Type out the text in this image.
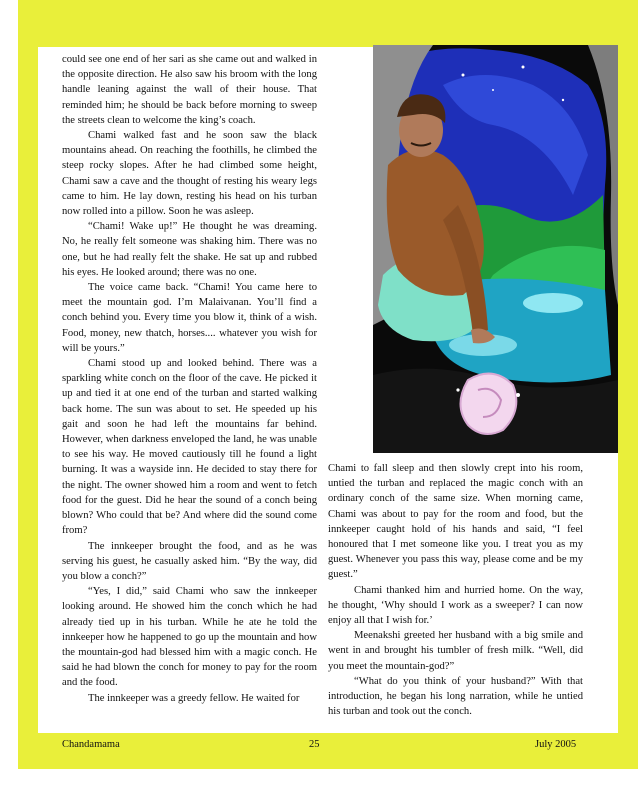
could see one end of her sari as she came out and walked in the opposite direction. He also saw his broom with the long handle leaning against the wall of their house. That reminded him; he should be back before morning to sweep the streets clean to welcome the king’s coach.

Chami walked fast and he soon saw the black mountains ahead. On reaching the foothills, he climbed the steep rocky slopes. After he had climbed some height, Chami saw a cave and the thought of resting his weary legs came to him. He lay down, resting his head on his turban now rolled into a pillow. Soon he was asleep.

“Chami! Wake up!” He thought he was dreaming. No, he really felt someone was shaking him. There was no one, but he had really felt the shake. He sat up and rubbed his eyes. He looked around; there was no one.

The voice came back. “Chami! You came here to meet the mountain god. I’m Malaivanan. You’ll find a conch behind you. Every time you blow it, think of a wish. Food, money, new thatch, horses.... whatever you wish for will be yours.”

Chami stood up and looked behind. There was a sparkling white conch on the floor of the cave. He picked it up and tied it at one end of the turban and started walking back home. The sun was about to set. He speeded up his gait and soon he had left the mountains far behind. However, when darkness enveloped the land, he was unable to see his way. He moved cautiously till he found a light burning. It was a wayside inn. He decided to stay there for the night. The owner showed him a room and went to fetch food for the guest. Did he hear the sound of a conch being blown? Who could that be? And where did the sound come from?

The innkeeper brought the food, and as he was serving his guest, he casually asked him. “By the way, did you blow a conch?”

“Yes, I did,” said Chami who saw the innkeeper looking around. He showed him the conch which he had already tied up in his turban. While he ate he told the innkeeper how he happened to go up the mountain and how the mountain-god had blessed him with a magic conch. He said he had blown the conch for money to pay for the room and the food.

The innkeeper was a greedy fellow. He waited for

Chami to fall sleep and then slowly crept into his room, untied the turban and replaced the magic conch with an ordinary conch of the same size. When morning came, Chami was about to pay for the room and food, but the innkeeper caught hold of his hands and said, “I feel honoured that I met someone like you. I treat you as my guest. Whenever you pass this way, please come and be my guest.”

Chami thanked him and hurried home. On the way, he thought, ‘Why should I work as a sweeper? I can now enjoy all that I wish for.’

Meenakshi greeted her husband with a big smile and went in and brought his tumbler of fresh milk. “Well, did you meet the mountain-god?”

“What do you think of your husband?” With that introduction, he began his long narration, while he untied his turban and took out the conch.

Chandamama	25	July 2005
